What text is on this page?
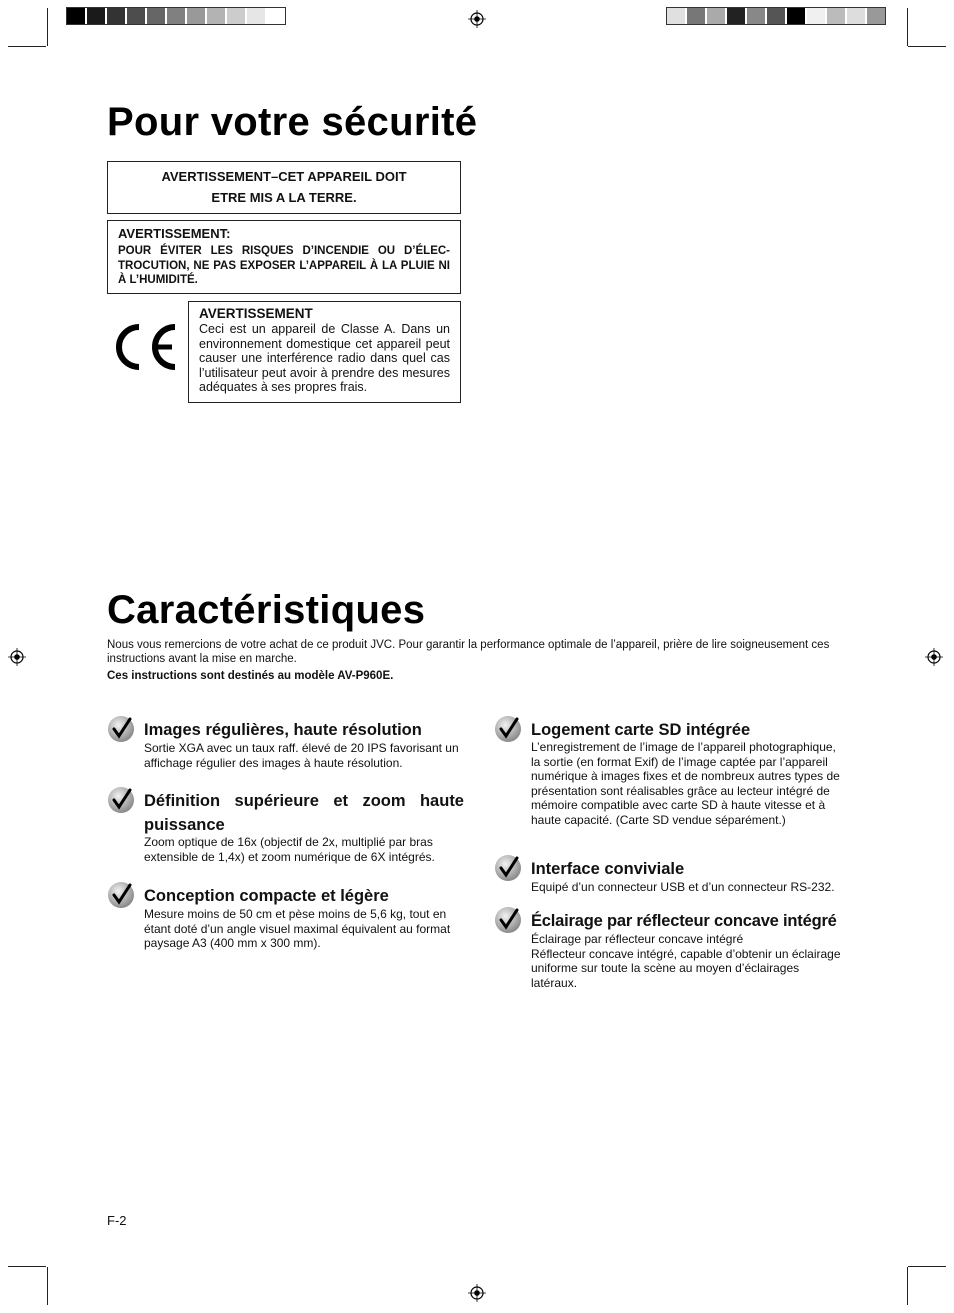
Pour votre sécurité
AVERTISSEMENT–CET APPAREIL DOIT
ETRE MIS A LA TERRE.
AVERTISSEMENT:
POUR ÉVITER LES RISQUES D’INCENDIE OU D’ÉLEC-TROCUTION, NE PAS EXPOSER L’APPAREIL À LA PLUIE NI À L’HUMIDITÉ.
AVERTISSEMENT
Ceci est un appareil de Classe A. Dans un environnement domestique cet appareil peut causer une interférence radio dans quel cas l’utilisateur peut avoir à prendre des mesures adéquates à ses propres frais.
Caractéristiques
Nous vous remercions de votre achat de ce produit JVC. Pour garantir la performance optimale de l’appareil, prière de lire soigneusement ces instructions avant la mise en marche.
Ces instructions sont destinés au modèle AV-P960E.
Images régulières, haute résolution
Sortie XGA avec un taux raff. élevé de 20 IPS favorisant un affichage régulier des images à haute résolution.
Définition supérieure et zoom haute puissance
Zoom optique de 16x (objectif de 2x, multiplié par bras extensible de 1,4x) et zoom numérique de 6X intégrés.
Conception compacte et légère
Mesure moins de 50 cm et pèse moins de 5,6 kg, tout en étant doté d’un angle visuel maximal équivalent au format paysage A3 (400 mm x 300 mm).
Logement carte SD intégrée
L’enregistrement de l’image de l’appareil photographique, la sortie (en format Exif) de l’image captée par l’appareil numérique à images fixes et de nombreux autres types de présentation sont réalisables grâce au lecteur intégré de mémoire compatible avec carte SD à haute vitesse et à haute capacité. (Carte SD vendue séparément.)
Interface conviviale
Equipé d’un connecteur USB et d’un connecteur RS-232.
Éclairage par réflecteur concave intégré
Éclairage par réflecteur concave intégré
Réflecteur concave intégré, capable d’obtenir un éclairage uniforme sur toute la scène au moyen d’éclairages latéraux.
F-2
